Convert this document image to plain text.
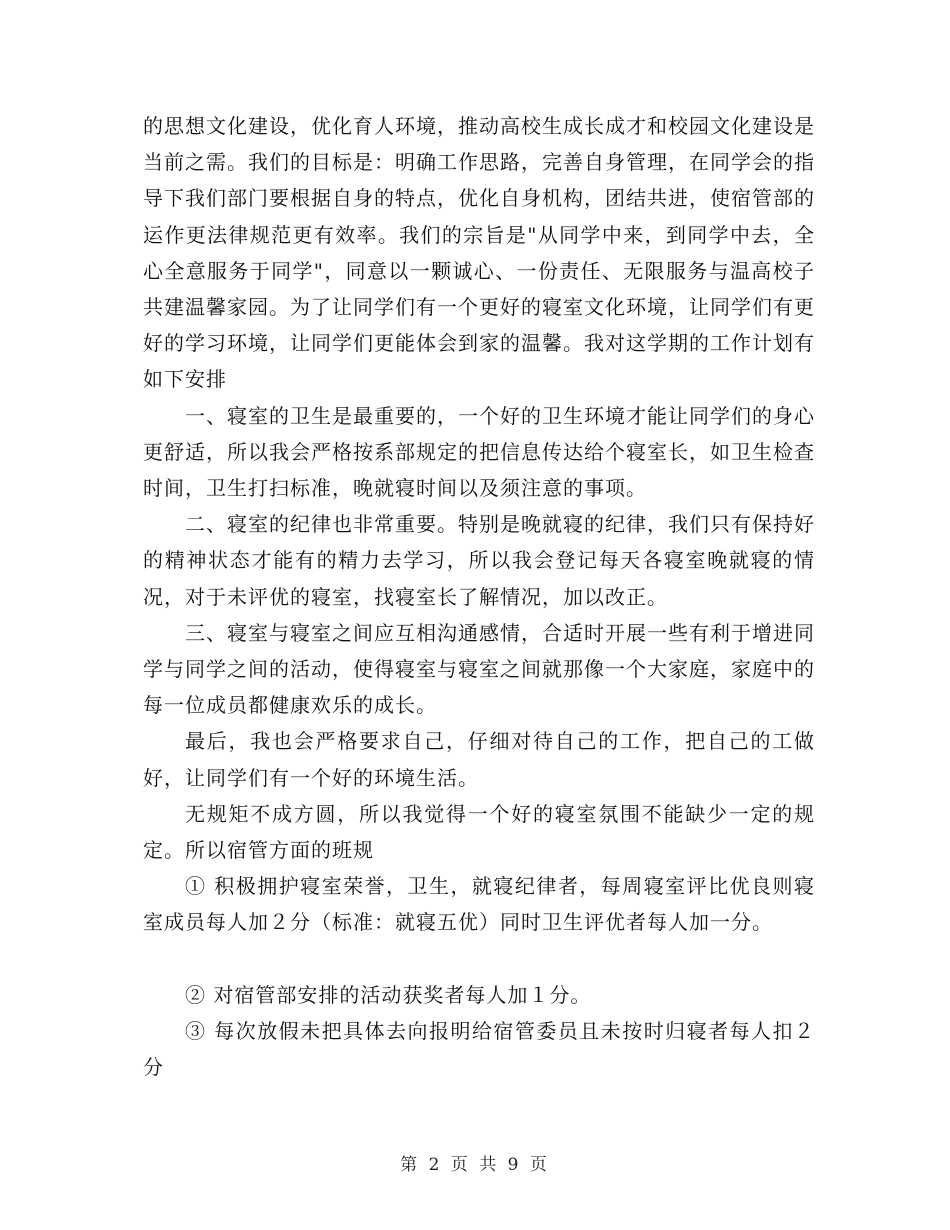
的思想文化建设，优化育人环境，推动高校生成长成才和校园文化建设是当前之需。我们的目标是：明确工作思路，完善自身管理，在同学会的指导下我们部门要根据自身的特点，优化自身机构，团结共进，使宿管部的运作更法律规范更有效率。我们的宗旨是"从同学中来，到同学中去，全心全意服务于同学"，同意以一颗诚心、一份责任、无限服务与温高校子共建温馨家园。为了让同学们有一个更好的寝室文化环境，让同学们有更好的学习环境，让同学们更能体会到家的温馨。我对这学期的工作计划有如下安排

一、寝室的卫生是最重要的，一个好的卫生环境才能让同学们的身心更舒适，所以我会严格按系部规定的把信息传达给个寝室长，如卫生检查时间，卫生打扫标准，晚就寝时间以及须注意的事项。

二、寝室的纪律也非常重要。特别是晚就寝的纪律，我们只有保持好的精神状态才能有的精力去学习，所以我会登记每天各寝室晚就寝的情况，对于未评优的寝室，找寝室长了解情况，加以改正。

三、寝室与寝室之间应互相沟通感情，合适时开展一些有利于增进同学与同学之间的活动，使得寝室与寝室之间就那像一个大家庭，家庭中的每一位成员都健康欢乐的成长。

最后，我也会严格要求自己，仔细对待自己的工作，把自己的工做好，让同学们有一个好的环境生活。

无规矩不成方圆，所以我觉得一个好的寝室氛围不能缺少一定的规定。所以宿管方面的班规

① 积极拥护寝室荣誉，卫生，就寝纪律者，每周寝室评比优良则寝室成员每人加２分（标准：就寝五优）同时卫生评优者每人加一分。

② 对宿管部安排的活动获奖者每人加１分。

③ 每次放假未把具体去向报明给宿管委员且未按时归寝者每人扣２分

第 2 页 共 9 页
